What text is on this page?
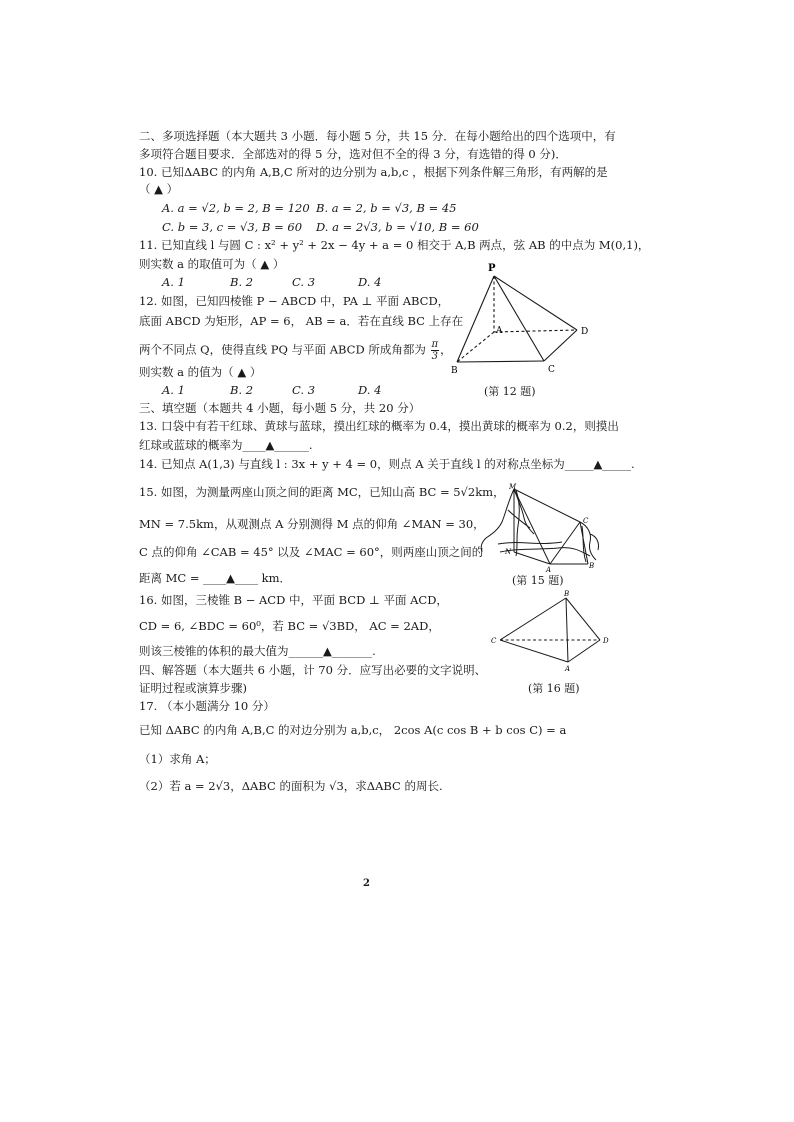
二、多项选择题（本大题共 3 小题．每小题 5 分，共 15 分．在每小题给出的四个选项中，有
多项符合题目要求．全部选对的得 5 分，选对但不全的得 3 分，有选错的得 0 分)．
10. 已知ΔABC 的内角 A,B,C 所对的边分别为 a,b,c ，根据下列条件解三角形，有两解的是
（ ▲ ）
A. a = √2, b = 2, B = 120 B. a = 2, b = √3, B = 45
C. b = 3, c = √3, B = 60 D. a = 2√3, b = √10, B = 60
11. 已知直线 l 与圆 C : x² + y² + 2x − 4y + a = 0 相交于 A,B 两点，弦 AB 的中点为 M(0,1)，
则实数 a 的取值可为（ ▲ ）
A. 1	B. 2	C. 3	D. 4
12. 如图，已知四棱锥 P − ABCD 中，PA ⊥ 平面 ABCD，
底面 ABCD 为矩形，AP = 6， AB = a．若在直线 BC 上存在
两个不同点 Q，使得直线 PQ 与平面 ABCD 所成角都为 $\frac{\pi}{3}$ ，
则实数 a 的值为（ ▲ ）
A. 1	B. 2	C. 3	D. 4
P
A
B	C
D
(第 12 题)
三、填空题（本题共 4 小题，每小题 5 分，共 20 分）
13. 口袋中有若干红球、黄球与蓝球，摸出红球的概率为 0.4，摸出黄球的概率为 0.2，则摸出
红球或蓝球的概率为____▲______.
14. 已知点 A(1,3) 与直线 l : 3x + y + 4 = 0，则点 A 关于直线 l 的对称点坐标为_____▲_____.
15. 如图，为测量两座山顶之间的距离 MC，已知山高 BC = 5√2km，
MN = 7.5km，从观测点 A 分别测得 M 点的仰角 ∠MAN = 30，
C 点的仰角 ∠CAB = 45° 以及 ∠MAC = 60°，则两座山顶之间的
距离 MC = ____▲____ km．
M
C
N
A	B
(第 15 题)
16. 如图，三棱锥 B − ACD 中，平面 BCD ⊥ 平面 ACD，
CD = 6, ∠BDC = 60⁰，若 BC = √3BD， AC = 2AD，
则该三棱锥的体积的最大值为______▲_______.
B
C	D
A
(第 16 题)
四、解答题（本大题共 6 小题，计 70 分．应写出必要的文字说明、
证明过程或演算步骤)
17. （本小题满分 10 分）
已知 ΔABC 的内角 A,B,C 的对边分别为 a,b,c， 2cos A(c cos B + b cos C) = a
（1）求角 A；
（2）若 a = 2√3，ΔABC 的面积为 √3，求ΔABC 的周长.
2
